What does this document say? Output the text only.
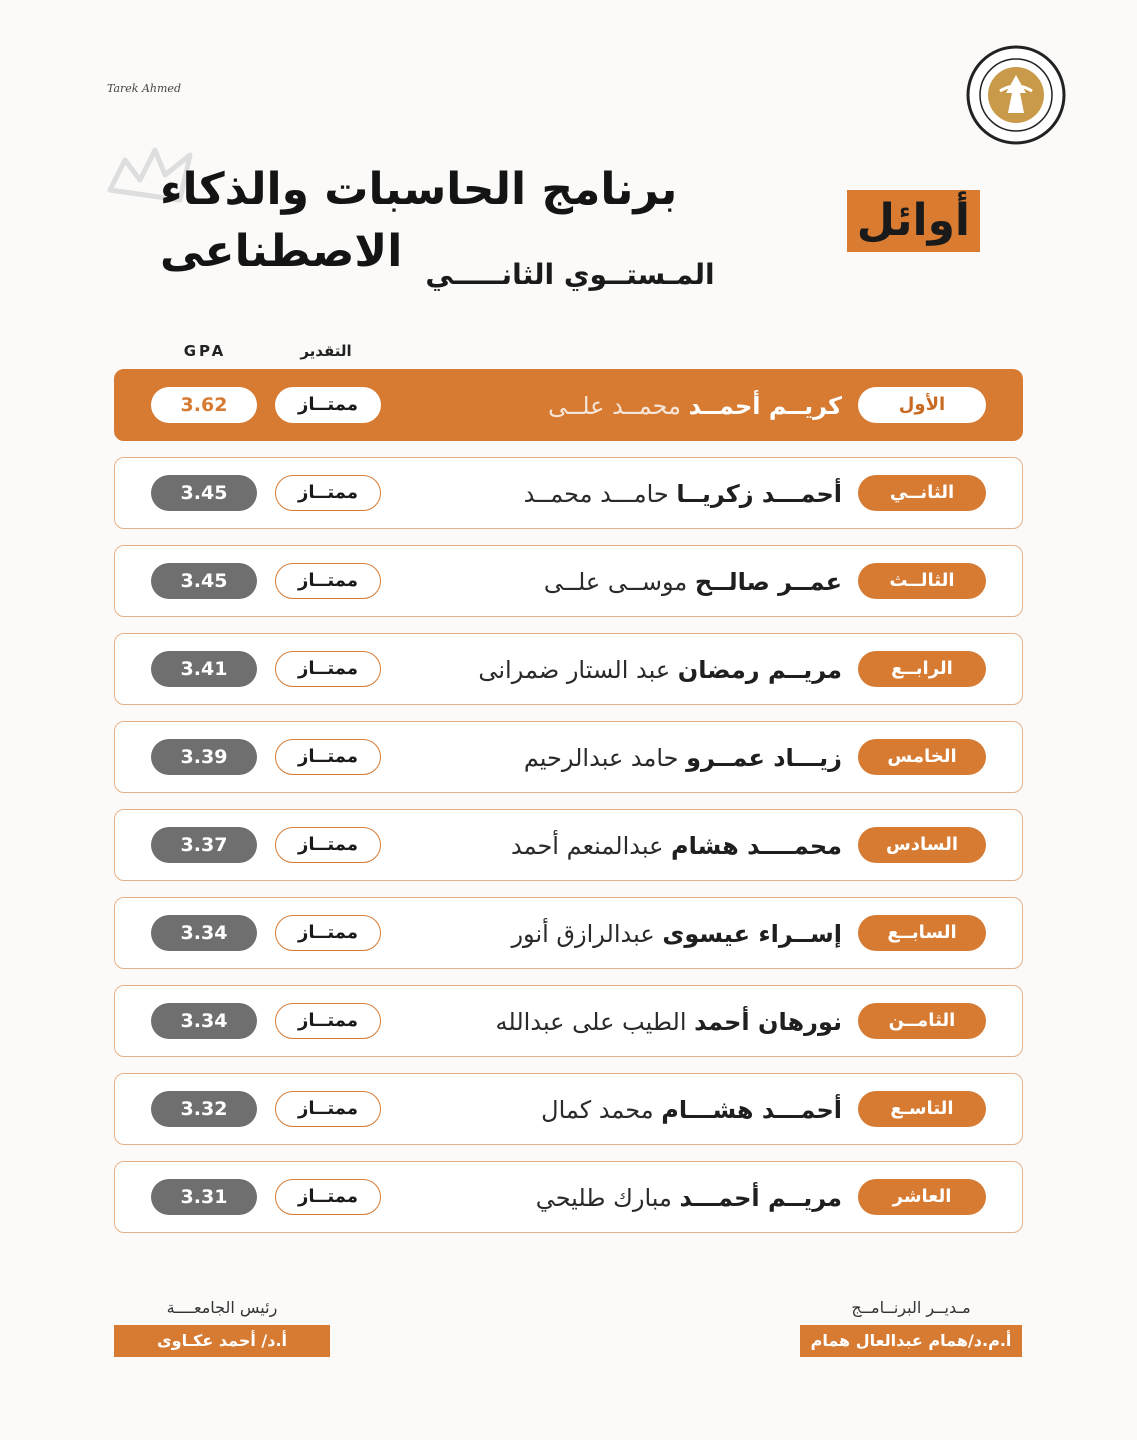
Tarek Ahmed
أوائل
برنامج الحاسبات والذكاء الاصطناعى المـستــوي الثانـــــي
التقدير
GPA
الأول
كريــم أحمــد محمــد علــى
ممتــاز
3.62
الثانــي
أحمـــد زكريــا حامـــد محمــد
ممتــاز
3.45
الثالــث
عمــر صالــح موســى علــى
ممتــاز
3.45
الرابــع
مريــم رمضان عبد الستار ضمرانى
ممتــاز
3.41
الخامس
زيـــاد عمــرو حامد عبدالرحيم
ممتــاز
3.39
السادس
محمــــد هشام عبدالمنعم أحمد
ممتــاز
3.37
السابــع
إســراء عيسوى عبدالرازق أنور
ممتــاز
3.34
الثامــن
نورهان أحمد الطيب على عبدالله
ممتــاز
3.34
التاسـع
أحمـــد هشـــام محمد كمال
ممتــاز
3.32
العاشر
مريــم أحمـــد مبارك طليحي
ممتــاز
3.31
رئيس الجامعــــة
أ.د/ أحمد عكـاوى
مـديــر البرنــامــج
أ.م.د/همام عبدالعال همام
